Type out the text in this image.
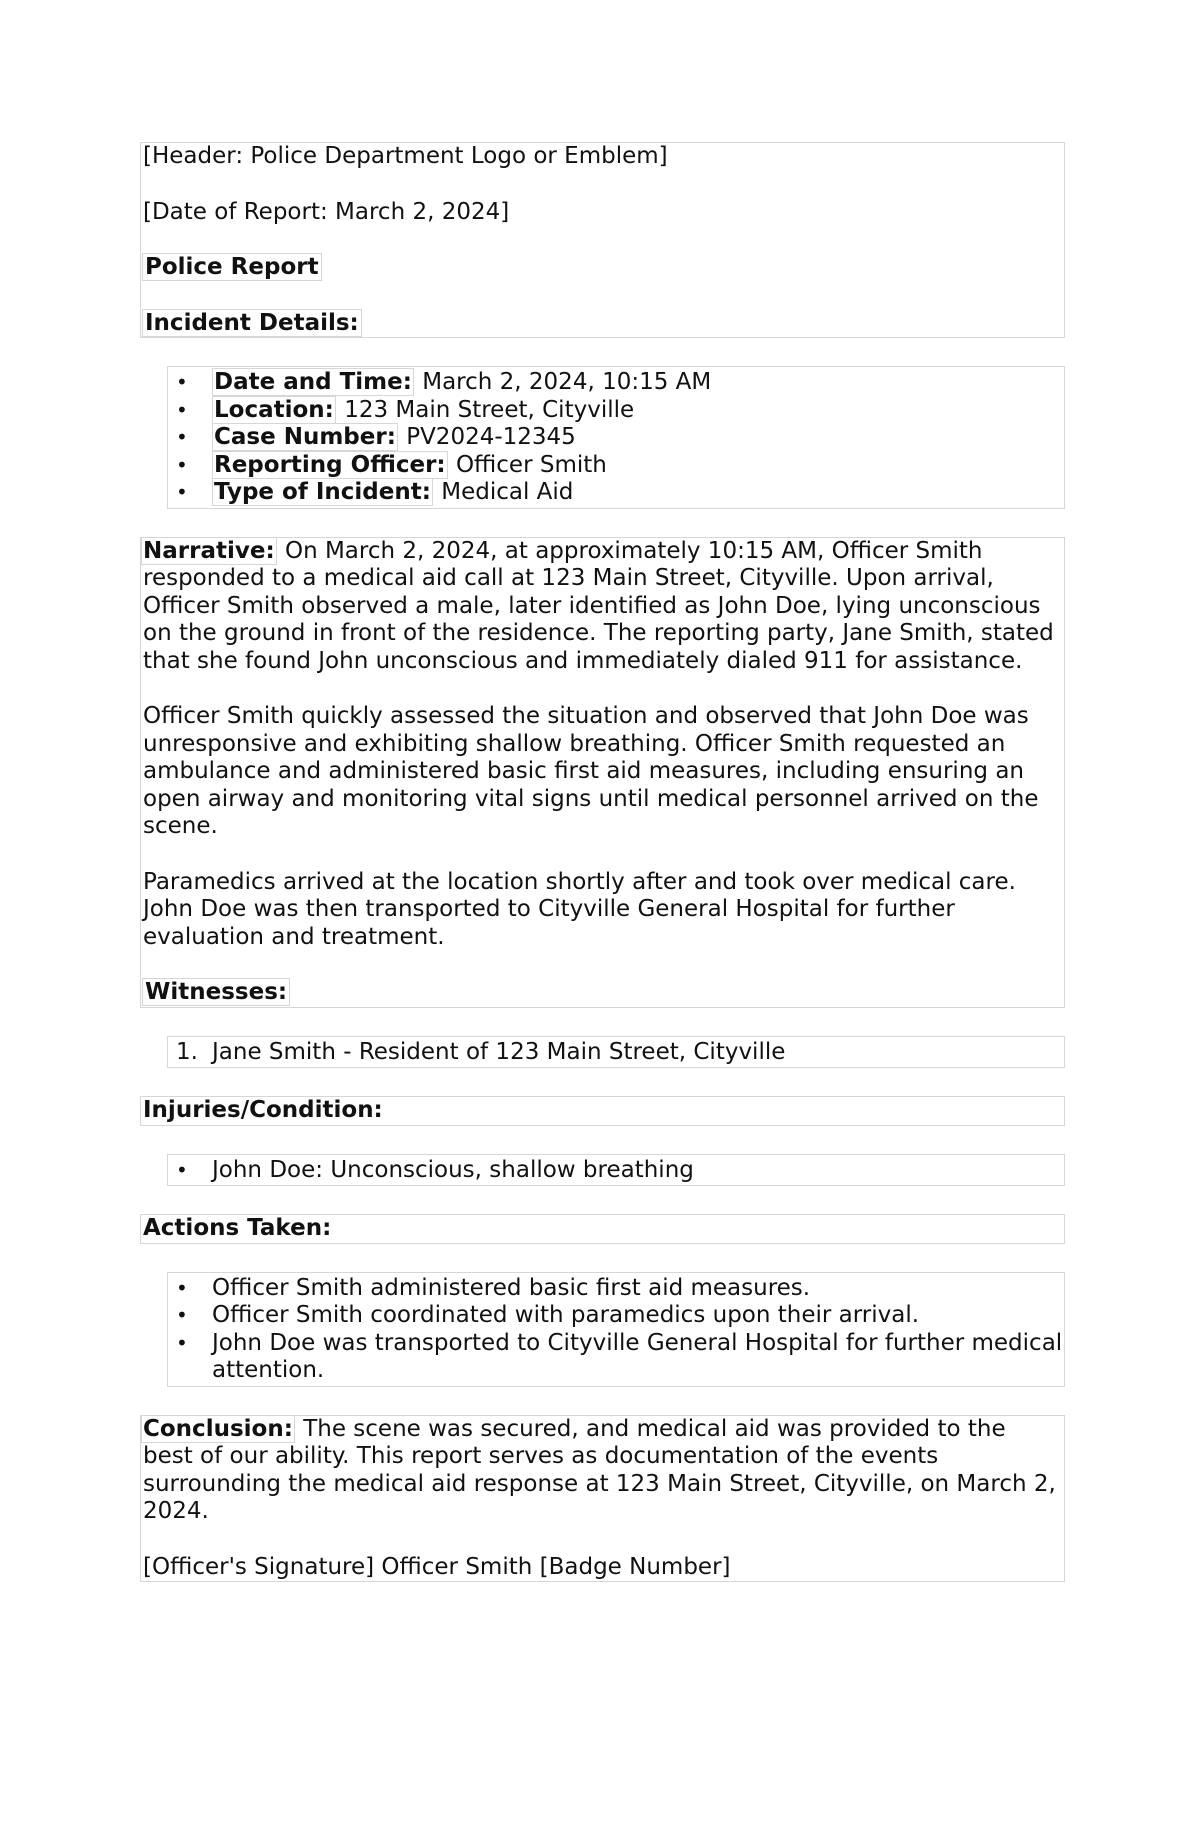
[Header: Police Department Logo or Emblem]

[Date of Report: March 2, 2024]

Police Report

Incident Details:

•	Date and Time: March 2, 2024, 10:15 AM
•	Location: 123 Main Street, Cityville
•	Case Number: PV2024-12345
•	Reporting Officer: Officer Smith
•	Type of Incident: Medical Aid

Narrative: On March 2, 2024, at approximately 10:15 AM, Officer Smith responded to a medical aid call at 123 Main Street, Cityville. Upon arrival, Officer Smith observed a male, later identified as John Doe, lying unconscious on the ground in front of the residence. The reporting party, Jane Smith, stated that she found John unconscious and immediately dialed 911 for assistance.

Officer Smith quickly assessed the situation and observed that John Doe was unresponsive and exhibiting shallow breathing. Officer Smith requested an ambulance and administered basic first aid measures, including ensuring an open airway and monitoring vital signs until medical personnel arrived on the scene.

Paramedics arrived at the location shortly after and took over medical care. John Doe was then transported to Cityville General Hospital for further evaluation and treatment.

Witnesses:

1. Jane Smith - Resident of 123 Main Street, Cityville
Injuries/Condition:
•	John Doe: Unconscious, shallow breathing
Actions Taken:
•	Officer Smith administered basic first aid measures.
•	Officer Smith coordinated with paramedics upon their arrival.
•	John Doe was transported to Cityville General Hospital for further medical attention.

Conclusion: The scene was secured, and medical aid was provided to the best of our ability. This report serves as documentation of the events surrounding the medical aid response at 123 Main Street, Cityville, on March 2, 2024.

[Officer's Signature] Officer Smith [Badge Number]
